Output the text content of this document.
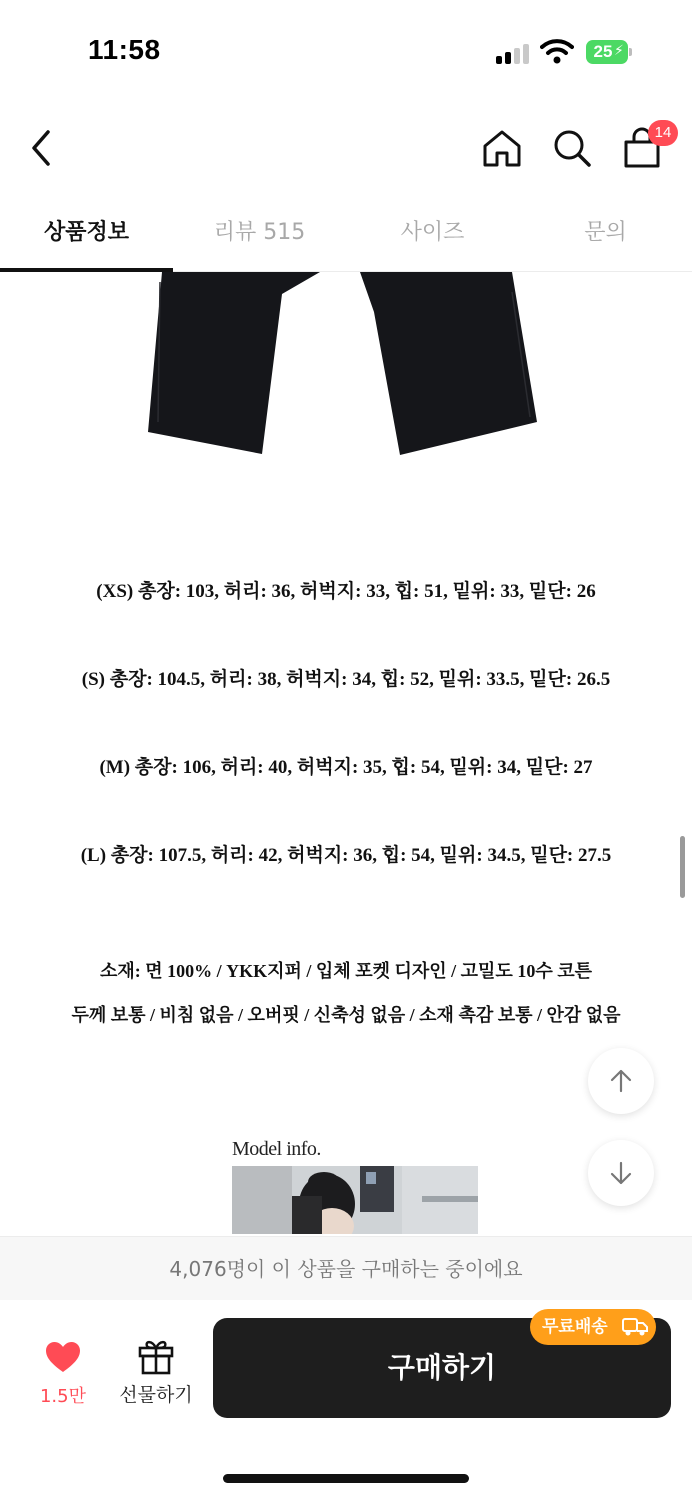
11:58	25 ⚡
14
상품정보	리뷰 515	사이즈	문의
(XS) 총장: 103, 허리: 36, 허벅지: 33, 힙: 51, 밑위: 33, 밑단: 26
(S) 총장: 104.5, 허리: 38, 허벅지: 34, 힙: 52, 밑위: 33.5, 밑단: 26.5
(M) 총장: 106, 허리: 40, 허벅지: 35, 힙: 54, 밑위: 34, 밑단: 27
(L) 총장: 107.5, 허리: 42, 허벅지: 36, 힙: 54, 밑위: 34.5, 밑단: 27.5
소재: 면 100% / YKK지퍼 / 입체 포켓 디자인 / 고밀도 10수 코튼
두께 보통 / 비침 없음 / 오버핏 / 신축성 없음 / 소재 촉감 보통 / 안감 없음
Model info.
4,076명이 이 상품을 구매하는 중이에요
1.5만	선물하기
구매하기
무료배송
